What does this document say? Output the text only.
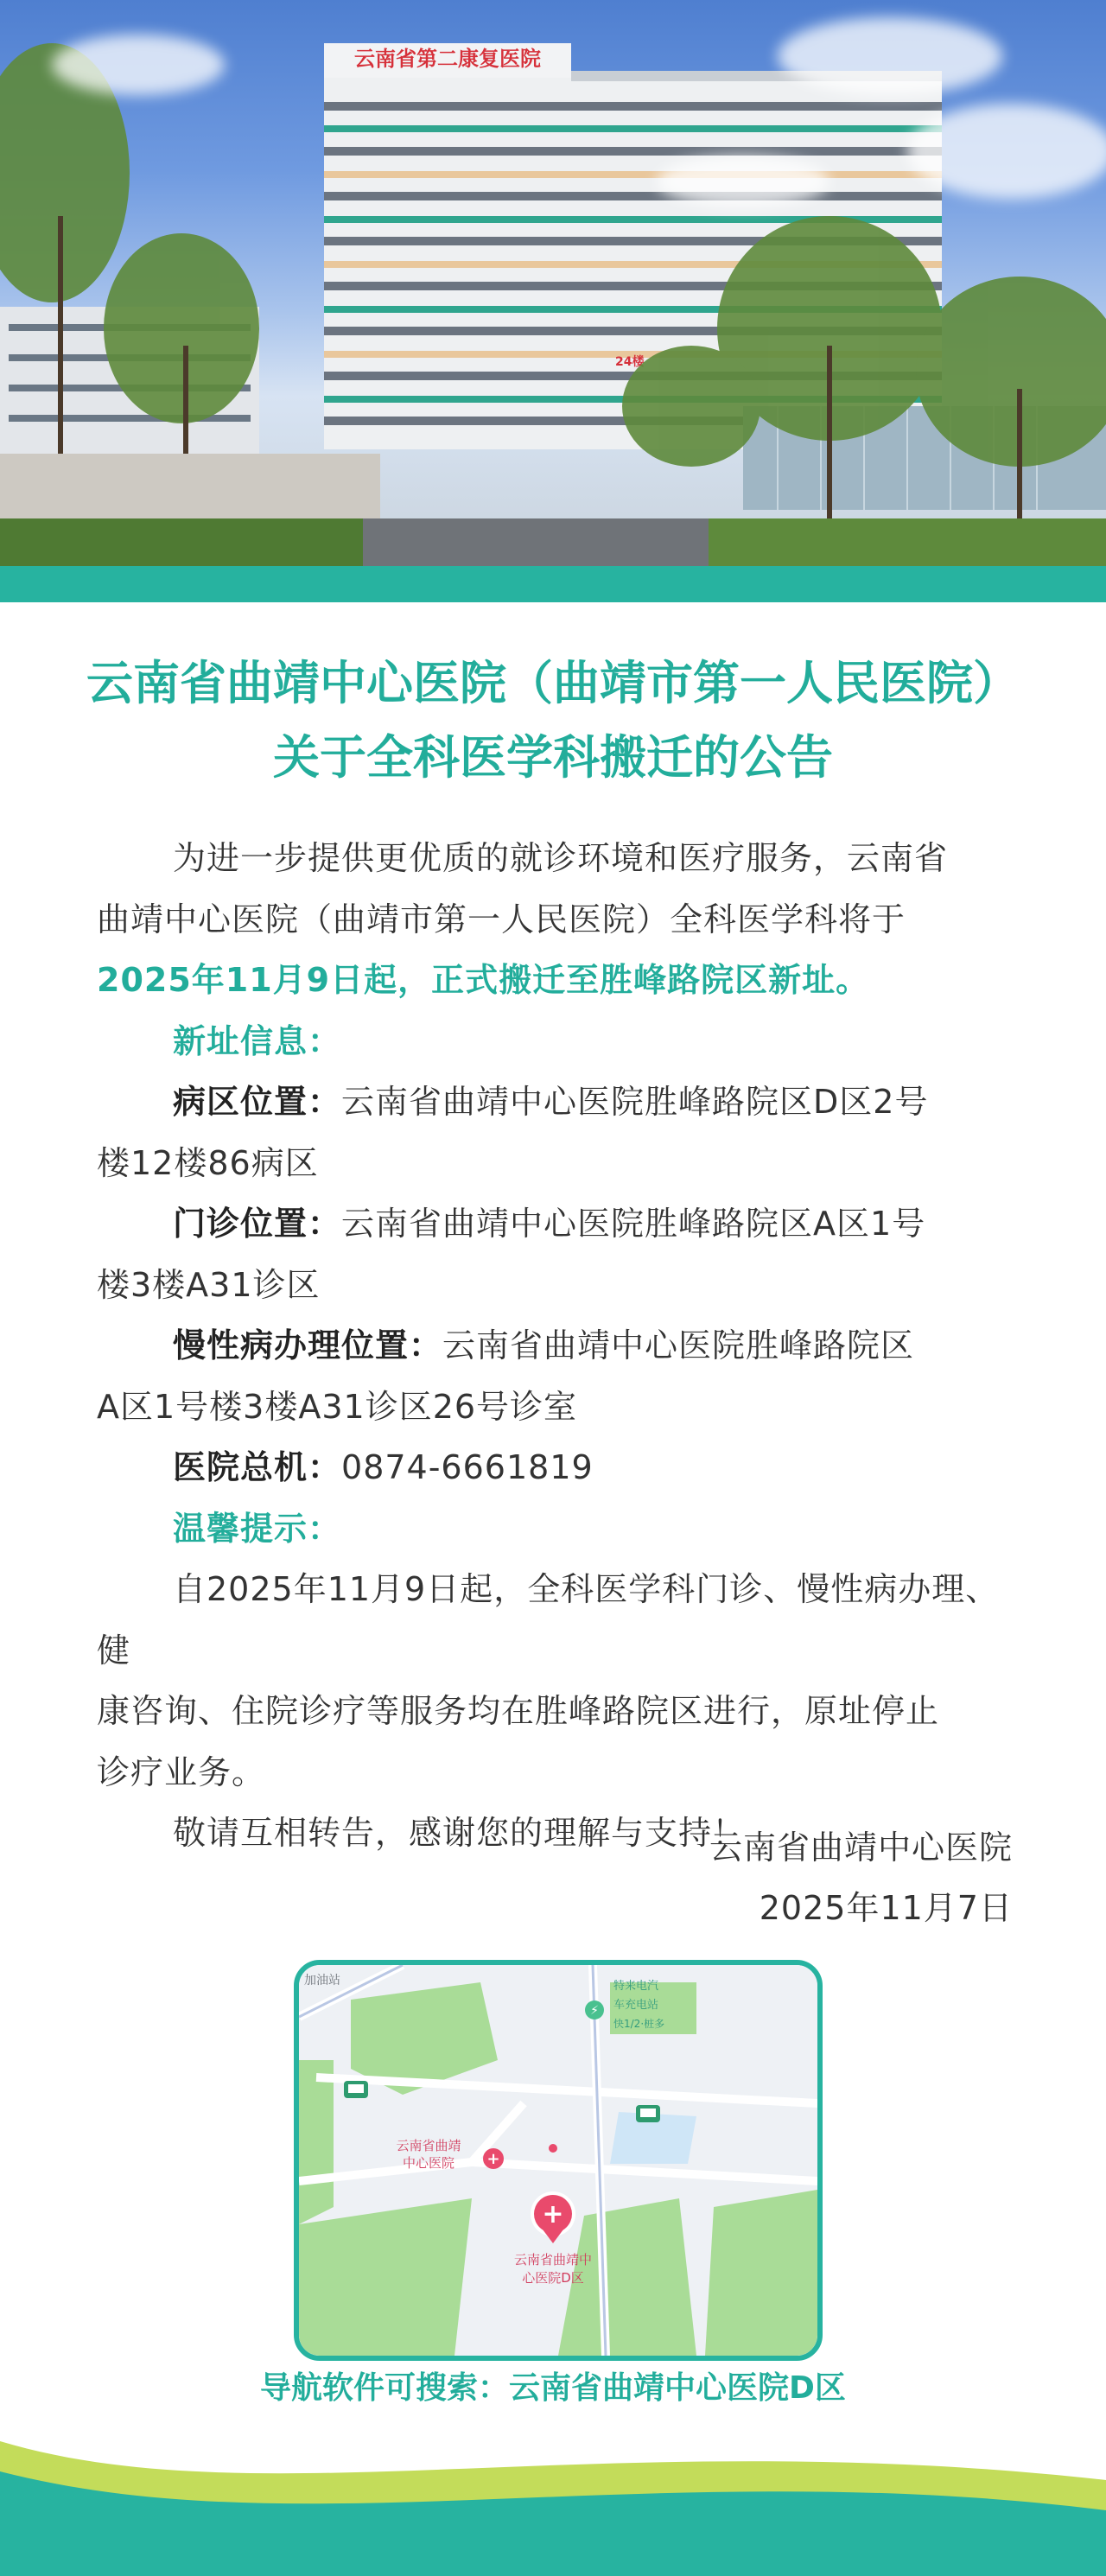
云南省第二康复医院
24楼
云南省曲靖中心医院（曲靖市第一人民医院）
关于全科医学科搬迁的公告

为进一步提供更优质的就诊环境和医疗服务，云南省

曲靖中心医院（曲靖市第一人民医院）全科医学科将于

2025年11月9日起，正式搬迁至胜峰路院区新址。

新址信息：

病区位置：云南省曲靖中心医院胜峰路院区D区2号

楼12楼86病区

门诊位置：云南省曲靖中心医院胜峰路院区A区1号

楼3楼A31诊区

慢性病办理位置：云南省曲靖中心医院胜峰路院区

A区1号楼3楼A31诊区26号诊室

医院总机：0874-6661819

温馨提示：

自2025年11月9日起，全科医学科门诊、慢性病办理、健

康咨询、住院诊疗等服务均在胜峰路院区进行，原址停止

诊疗业务。

敬请互相转告，感谢您的理解与支持！

云南省曲靖中心医院
2025年11月7日
加油站
⚡
特来电汽
车充电站
快1/2·桩多
+
云南省曲靖
中心医院
+
云南省曲靖中
心医院D区
导航软件可搜索：云南省曲靖中心医院D区
